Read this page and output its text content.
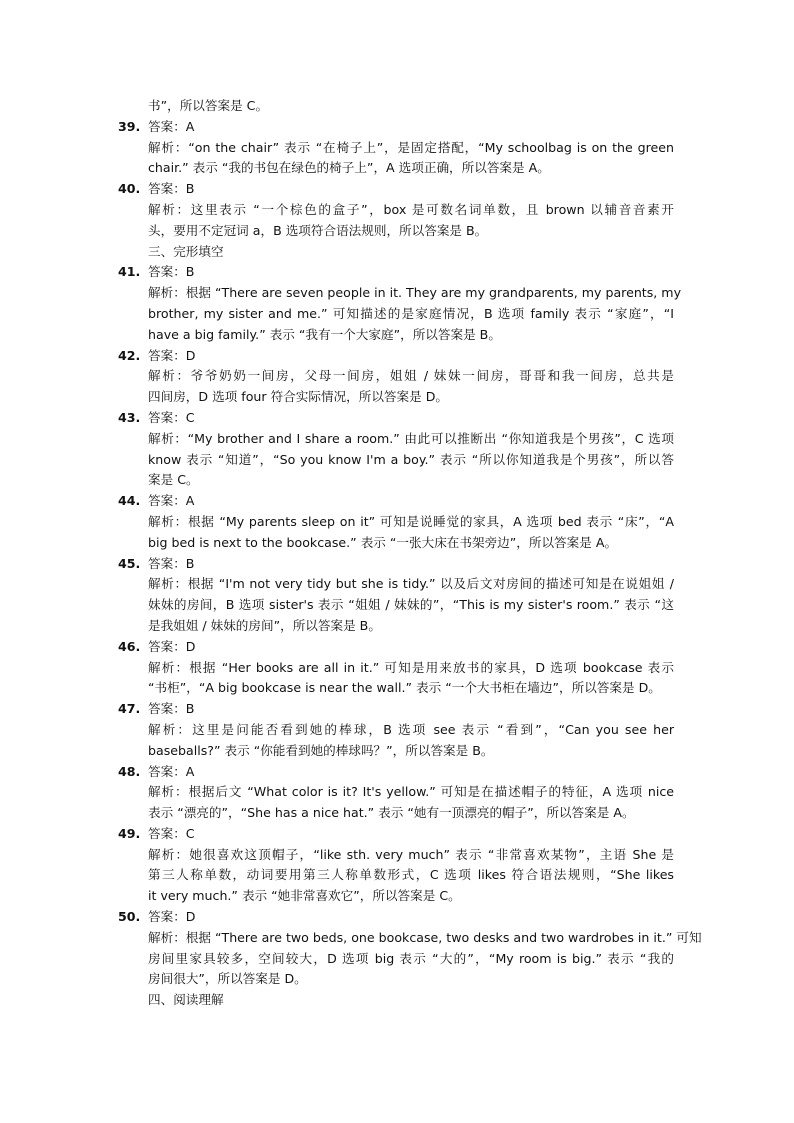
书”，所以答案是 C。
39. 答案：A
解析：“on the chair” 表示 “在椅子上”，是固定搭配，“My schoolbag is on the green
chair.” 表示 “我的书包在绿色的椅子上”，A 选项正确，所以答案是 A。
40. 答案：B
解析：这里表示 “一个棕色的盒子”，box 是可数名词单数，且 brown 以辅音音素开
头，要用不定冠词 a，B 选项符合语法规则，所以答案是 B。
三、完形填空
41. 答案：B
解析：根据 “There are seven people in it. They are my grandparents, my parents, my
brother, my sister and me.” 可知描述的是家庭情况，B 选项 family 表示 “家庭”，“I
have a big family.” 表示 “我有一个大家庭”，所以答案是 B。
42. 答案：D
解析：爷爷奶奶一间房，父母一间房，姐姐 / 妹妹一间房，哥哥和我一间房，总共是
四间房，D 选项 four 符合实际情况，所以答案是 D。
43. 答案：C
解析：“My brother and I share a room.” 由此可以推断出 “你知道我是个男孩”，C 选项
know 表示 “知道”，“So you know I'm a boy.” 表示 “所以你知道我是个男孩”，所以答
案是 C。
44. 答案：A
解析：根据 “My parents sleep on it” 可知是说睡觉的家具，A 选项 bed 表示 “床”，“A
big bed is next to the bookcase.” 表示 “一张大床在书架旁边”，所以答案是 A。
45. 答案：B
解析：根据 “I'm not very tidy but she is tidy.” 以及后文对房间的描述可知是在说姐姐 /
妹妹的房间，B 选项 sister's 表示 “姐姐 / 妹妹的”，“This is my sister's room.” 表示 “这
是我姐姐 / 妹妹的房间”，所以答案是 B。
46. 答案：D
解析：根据 “Her books are all in it.” 可知是用来放书的家具，D 选项 bookcase 表示
“书柜”，“A big bookcase is near the wall.” 表示 “一个大书柜在墙边”，所以答案是 D。
47. 答案：B
解析：这里是问能否看到她的棒球，B 选项 see 表示 “看到”，“Can you see her
baseballs?” 表示 “你能看到她的棒球吗？”，所以答案是 B。
48. 答案：A
解析：根据后文 “What color is it? It's yellow.” 可知是在描述帽子的特征，A 选项 nice
表示 “漂亮的”，“She has a nice hat.” 表示 “她有一顶漂亮的帽子”，所以答案是 A。
49. 答案：C
解析：她很喜欢这顶帽子，“like sth. very much” 表示 “非常喜欢某物”，主语 She 是
第三人称单数，动词要用第三人称单数形式，C 选项 likes 符合语法规则，“She likes
it very much.” 表示 “她非常喜欢它”，所以答案是 C。
50. 答案：D
解析：根据 “There are two beds, one bookcase, two desks and two wardrobes in it.” 可知
房间里家具较多，空间较大，D 选项 big 表示 “大的”，“My room is big.” 表示 “我的
房间很大”，所以答案是 D。
四、阅读理解
